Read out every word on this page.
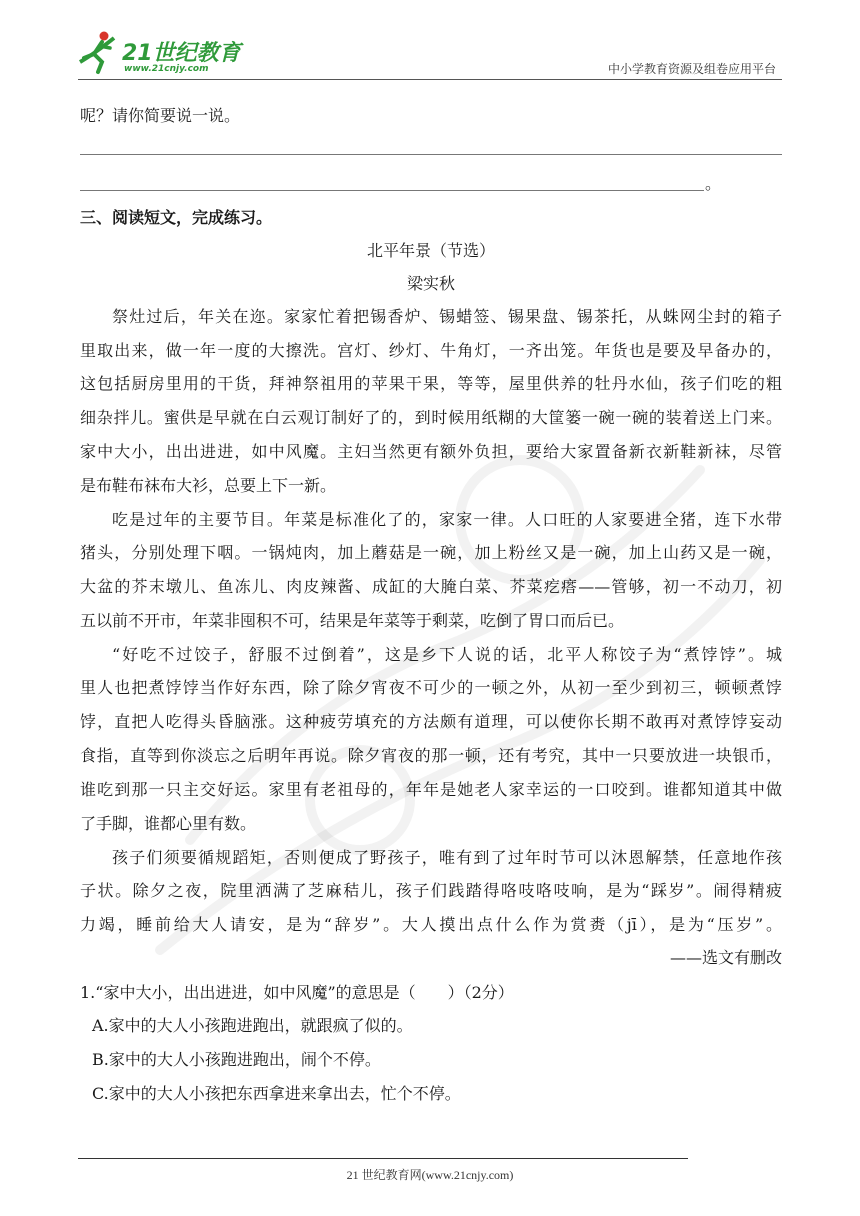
21世纪教育
www.21cnjy.com	中小学教育资源及组卷应用平台
呢？请你简要说一说。
。
三、阅读短文，完成练习。
北平年景（节选）
梁实秋
祭灶过后，年关在迩。家家忙着把锡香炉、锡蜡签、锡果盘、锡茶托，从蛛网尘封的箱子
里取出来，做一年一度的大擦洗。宫灯、纱灯、牛角灯，一齐出笼。年货也是要及早备办的，
这包括厨房里用的干货，拜神祭祖用的苹果干果，等等，屋里供养的牡丹水仙，孩子们吃的粗
细杂拌儿。蜜供是早就在白云观订制好了的，到时候用纸糊的大筐篓一碗一碗的装着送上门来。
家中大小，出出进进，如中风魔。主妇当然更有额外负担，要给大家置备新衣新鞋新袜，尽管
是布鞋布袜布大衫，总要上下一新。
吃是过年的主要节目。年菜是标准化了的，家家一律。人口旺的人家要进全猪，连下水带
猪头，分别处理下咽。一锅炖肉，加上蘑菇是一碗，加上粉丝又是一碗，加上山药又是一碗，
大盆的芥末墩儿、鱼冻儿、肉皮辣酱、成缸的大腌白菜、芥菜疙瘩——管够，初一不动刀，初
五以前不开市，年菜非囤积不可，结果是年菜等于剩菜，吃倒了胃口而后已。
“好吃不过饺子，舒服不过倒着”，这是乡下人说的话，北平人称饺子为“煮饽饽”。城
里人也把煮饽饽当作好东西，除了除夕宵夜不可少的一顿之外，从初一至少到初三，顿顿煮饽
饽，直把人吃得头昏脑涨。这种疲劳填充的方法颇有道理，可以使你长期不敢再对煮饽饽妄动
食指，直等到你淡忘之后明年再说。除夕宵夜的那一顿，还有考究，其中一只要放进一块银币，
谁吃到那一只主交好运。家里有老祖母的，年年是她老人家幸运的一口咬到。谁都知道其中做
了手脚，谁都心里有数。
孩子们须要循规蹈矩，否则便成了野孩子，唯有到了过年时节可以沐恩解禁，任意地作孩
子状。除夕之夜，院里洒满了芝麻秸儿，孩子们践踏得咯吱咯吱响，是为“踩岁”。闹得精疲
力竭，睡前给大人请安，是为“辞岁”。大人摸出点什么作为赏赉（jī），是为“压岁”。
——选文有删改
1.“家中大小，出出进进，如中风魔”的意思是（　　）（2分）
A.家中的大人小孩跑进跑出，就跟疯了似的。
B.家中的大人小孩跑进跑出，闹个不停。
C.家中的大人小孩把东西拿进来拿出去，忙个不停。
21 世纪教育网(www.21cnjy.com)
